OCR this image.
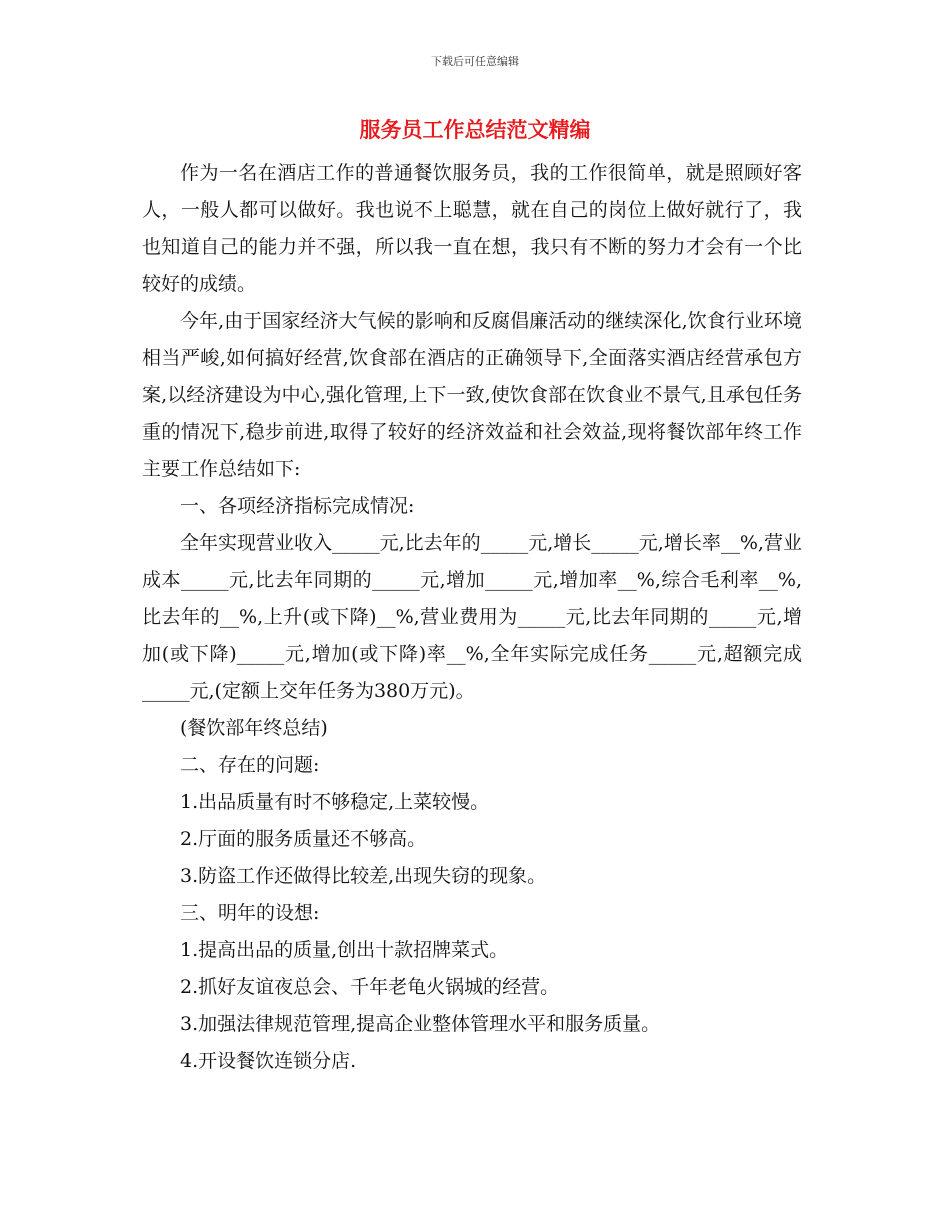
下载后可任意编辑
服务员工作总结范文精编

作为一名在酒店工作的普通餐饮服务员，我的工作很简单，就是照顾好客人，一般人都可以做好。我也说不上聪慧，就在自己的岗位上做好就行了，我也知道自己的能力并不强，所以我一直在想，我只有不断的努力才会有一个比较好的成绩。

今年,由于国家经济大气候的影响和反腐倡廉活动的继续深化,饮食行业环境相当严峻,如何搞好经营,饮食部在酒店的正确领导下,全面落实酒店经营承包方案,以经济建设为中心,强化管理,上下一致,使饮食部在饮食业不景气,且承包任务重的情况下,稳步前进,取得了较好的经济效益和社会效益,现将餐饮部年终工作主要工作总结如下:

一、各项经济指标完成情况:

全年实现营业收入_____元,比去年的_____元,增长_____元,增长率__%,营业成本_____元,比去年同期的_____元,增加_____元,增加率__%,综合毛利率__%,比去年的__%,上升(或下降)__%,营业费用为_____元,比去年同期的_____元,增加(或下降)_____元,增加(或下降)率__%,全年实际完成任务_____元,超额完成_____元,(定额上交年任务为380万元)。

(餐饮部年终总结)

二、存在的问题:

1.出品质量有时不够稳定,上菜较慢。

2.厅面的服务质量还不够高。

3.防盗工作还做得比较差,出现失窃的现象。

三、明年的设想:

1.提高出品的质量,创出十款招牌菜式。

2.抓好友谊夜总会、千年老龟火锅城的经营。

3.加强法律规范管理,提高企业整体管理水平和服务质量。

4.开设餐饮连锁分店.
